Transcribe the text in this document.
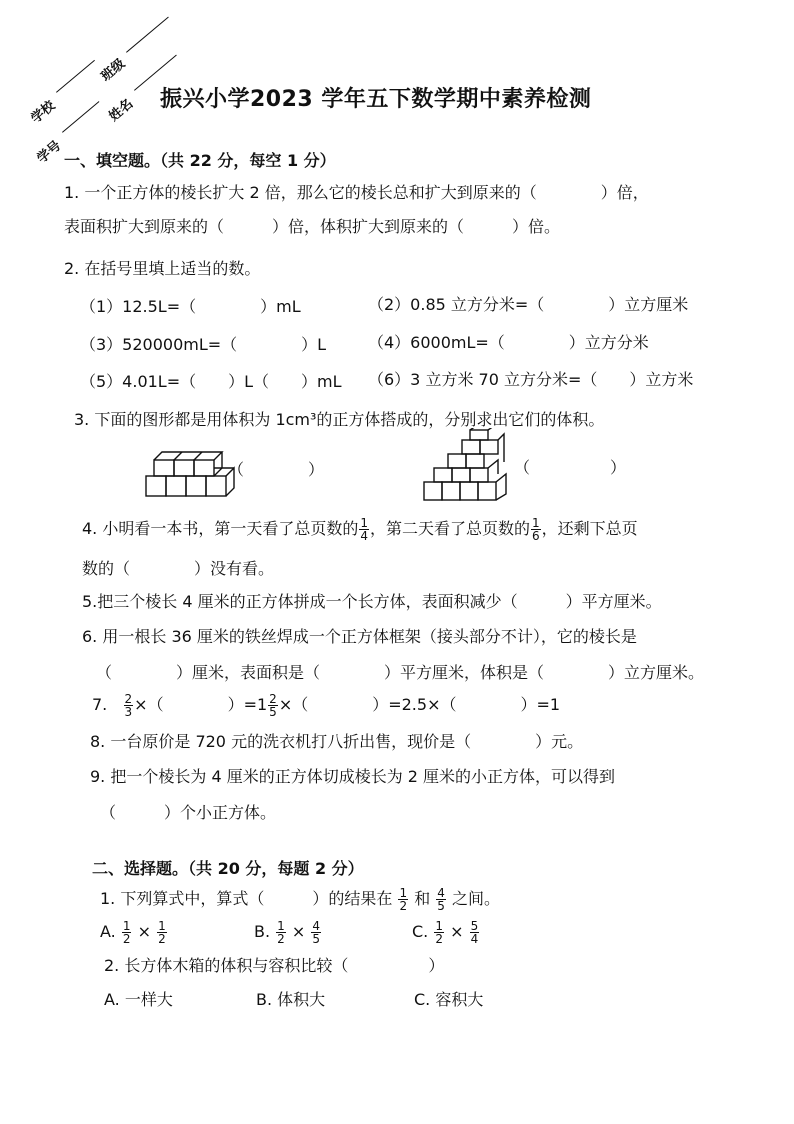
学校
班级
学号
姓名 振兴小学2023 学年五下数学期中素养检测
一、填空题。（共 22 分，每空 1 分）
1. 一个正方体的棱长扩大 2 倍，那么它的棱长总和扩大到原来的（　　　　）倍，
表面积扩大到原来的（　　　）倍，体积扩大到原来的（　　　）倍。
2. 在括号里填上适当的数。
（1）12.5L=（　　　　）mL	（2）0.85 立方分米=（　　　　）立方厘米
（3）520000mL=（　　　　）L	（4）6000mL=（　　　　）立方分米
（5）4.01L=（　　）L（　　）mL （6）3 立方米 70 立方分米=（　　）立方米
3. 下面的图形都是用体积为 1cm³的正方体搭成的，分别求出它们的体积。
（　　　　）	（　　　　　）
4. 小明看一本书，第一天看了总页数的 $\frac{1}{4}$ ，第二天看了总页数的 $\frac{1}{6}$ ，还剩下总页
数的（　　　　）没有看。
5.把三个棱长 4 厘米的正方体拼成一个长方体，表面积减少（　　　）平方厘米。
6. 用一根长 36 厘米的铁丝焊成一个正方体框架（接头部分不计），它的棱长是
（　　　　）厘米，表面积是（　　　　）平方厘米，体积是（　　　　）立方厘米。
7. $\frac{2}{3}$ ×（　　　　）$=1 \frac{2}{5}$ ×（　　　　）=2.5×（　　　　）=1
8. 一台原价是 720 元的洗衣机打八折出售，现价是（　　　　）元。
9. 把一个棱长为 4 厘米的正方体切成棱长为 2 厘米的小正方体，可以得到
（　　　）个小正方体。
二、选择题。（共 20 分，每题 2 分）
1. 下列算式中，算式（　　　）的结果在 $\frac{1}{2}$ 和 $\frac{4}{5}$ 之间。
A. $\frac{1}{2} \times \frac{1}{2}$	B. $\frac{1}{2} \times \frac{4}{5}$	C. $\frac{1}{2} \times \frac{5}{4}$
2. 长方体木箱的体积与容积比较（　　　　　）
A. 一样大	B. 体积大	C. 容积大
